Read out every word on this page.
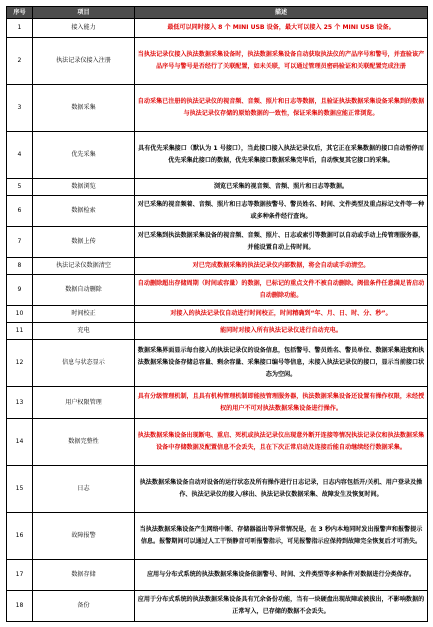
序号	项目	描述
1	接入能力	最低可以同时接入 8 个 MINI USB 设备，最大可以接入 25 个 MINI USB 设备。
2	执法记录仪接入注册	当执法记录仪接入执法数据采集设备时，执法数据采集设备自动获取执法仪的产品序号和警号，并查验该产品序号与警号是否经行了关联配置，如未关联，可以通过管理员密码验证和关联配置完成注册
3	数据采集	自动采集已注册的执法记录仪的视音频、音频、照片和日志等数据，且验证执法数据采集设备采集到的数据与执法记录仪存储的原始数据的一致性，保证采集的数据应能正常浏览。
4	优先采集	具有优先采集接口（默认为 1 号接口），当此接口接入执法记录仪后，其它正在采集数据的接口自动暂停而优先采集此接口的数据，优先采集接口数据采集完毕后，自动恢复其它接口的采集。
5	数据浏览	浏览已采集的视音频、音频、照片和日志等数据。
6	数据检索	对已采集的视音频着、音频、照片和日志等数据按警号、警员姓名、时间、文件类型及重点标记文件等一种或多种条件经行查询。
7	数据上传	对已采集到执法数据采集设备的视音频、音频、照片、日志或索引等数据可以自动或手动上传管理服务器，并能设置自动上传时间。
8	执法记录仪数据清空	对已完成数据采集的执法记录仪内部数据，将会自动或手动清空。
9	数据自动删除	自动删除超出存储周期（时间或容量）的数据，已标记的重点文件不被自动删除。阀值条件任意满足皆启动自动删除功能。
10	时间校正	对接入的执法记录仪自动进行时间校正，时间精确到“年、月、日、时、分、秒”。
11	充电	能同时对接入所有执法记录仪进行自动充电。
12	信息与状态显示	数据采集界面显示每台接入的执法记录仪的设备信息，包括警号、警员姓名、警员单位、数据采集进度和执法数据采集设备存储总容量、剩余容量、采集接口编号等信息，未接入执法记录仪的接口，显示当前接口状态为空闲。
13	用户权限管理	具有分级管理机制，且具有机构管理机制即能按管理服务器，执法数据采集设备还设置有操作权限，未经授权的用户不可对执法数据采集设备进行操作。
14	数据完整性	执法数据采集设备出现断电、重启、死机或执法记录仪出现意外断开连接等情况执法记录仪和执法数据采集设备中存储数据及配置信息不会丢失，且在下次正常启动及连接后能自动继续经行数据采集。
15	日志	执法数据采集设备自动对设备的运行状态及所有操作进行日志记录，日志内容包括开/关机、用户登录及操作、执法记录仪的接入/移出、执法记录仪数据采集、故障发生及恢复时间。
16	故障报警	当执法数据采集设备产生网络中断、存储器溢出等异常情况是，在 3 秒内本地同时发出报警声和报警提示信息。报警期间可以通过人工干预静音可听报警指示，可见报警指示应保持到故障完全恢复后才可消失。
17	数据存储	应用与分布式系统的执法数据采集设备依据警号、时间、文件类型等多种条件对数据进行分类保存。
18	备份	应用于分布式系统的执法数据采集设备具有冗余备份功能，当有一块硬盘出现故障或被拔出，不影响数据的正常写入，已存储的数据不会丢失。
